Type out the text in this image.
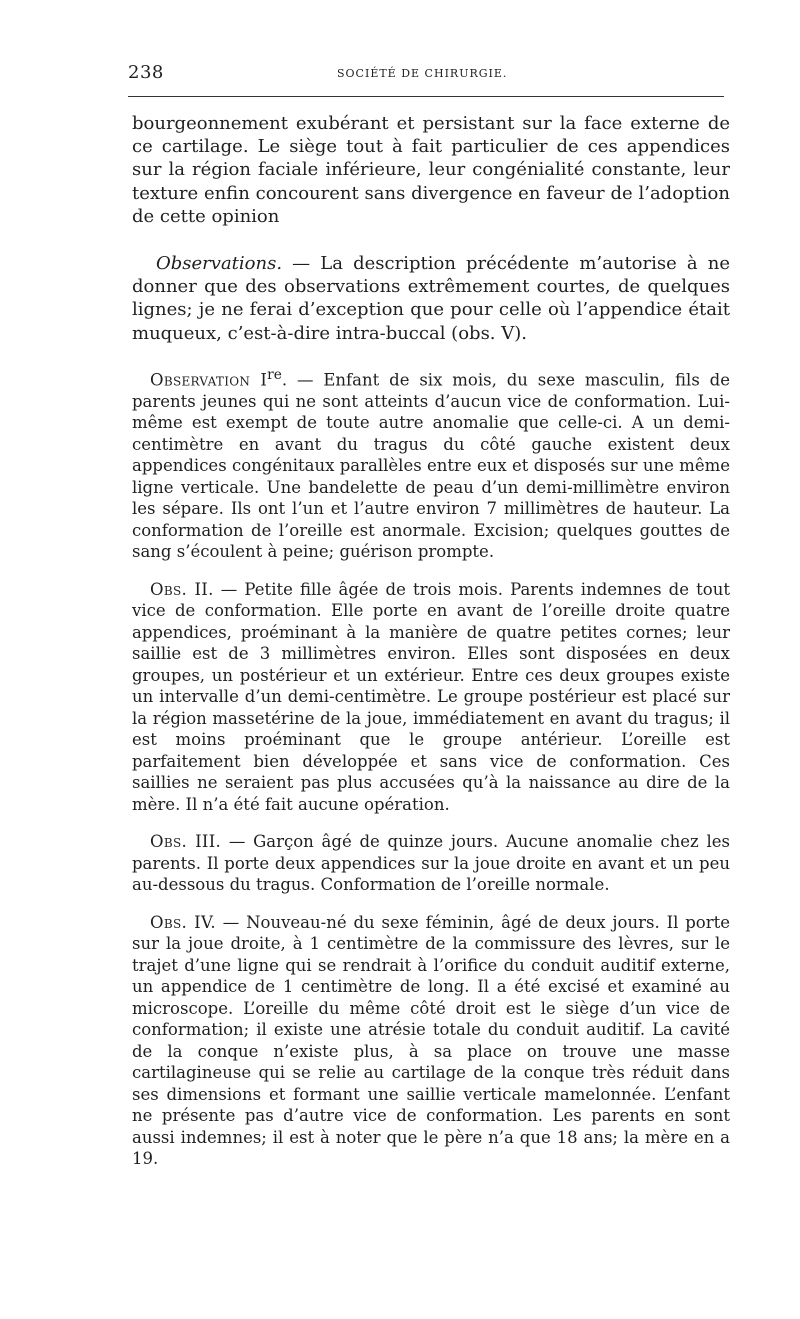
238	SOCIÉTÉ DE CHIRURGIE.

bourgeonnement exubérant et persistant sur la face externe de ce cartilage. Le siège tout à fait particulier de ces appendices sur la région faciale inférieure, leur congénialité constante, leur texture enfin concourent sans divergence en faveur de l’adoption de cette opinion

Observations. — La description précédente m’autorise à ne donner que des observations extrêmement courtes, de quelques lignes; je ne ferai d’exception que pour celle où l’appendice était muqueux, c’est-à-dire intra-buccal (obs. V).

Observation Ire. — Enfant de six mois, du sexe masculin, fils de parents jeunes qui ne sont atteints d’aucun vice de conformation. Lui-même est exempt de toute autre anomalie que celle-ci. A un demi-centimètre en avant du tragus du côté gauche existent deux appendices congénitaux parallèles entre eux et disposés sur une même ligne verticale. Une bandelette de peau d’un demi-millimètre environ les sépare. Ils ont l’un et l’autre environ 7 millimètres de hauteur. La conformation de l’oreille est anormale. Excision; quelques gouttes de sang s’écoulent à peine; guérison prompte.

Obs. II. — Petite fille âgée de trois mois. Parents indemnes de tout vice de conformation. Elle porte en avant de l’oreille droite quatre appendices, proéminant à la manière de quatre petites cornes; leur saillie est de 3 millimètres environ. Elles sont disposées en deux groupes, un postérieur et un extérieur. Entre ces deux groupes existe un intervalle d’un demi-centimètre. Le groupe postérieur est placé sur la région massetérine de la joue, immédiatement en avant du tragus; il est moins proéminant que le groupe antérieur. L’oreille est parfaitement bien développée et sans vice de conformation. Ces saillies ne seraient pas plus accusées qu’à la naissance au dire de la mère. Il n’a été fait aucune opération.

Obs. III. — Garçon âgé de quinze jours. Aucune anomalie chez les parents. Il porte deux appendices sur la joue droite en avant et un peu au-dessous du tragus. Conformation de l’oreille normale.

Obs. IV. — Nouveau-né du sexe féminin, âgé de deux jours. Il porte sur la joue droite, à 1 centimètre de la commissure des lèvres, sur le trajet d’une ligne qui se rendrait à l’orifice du conduit auditif externe, un appendice de 1 centimètre de long. Il a été excisé et examiné au microscope. L’oreille du même côté droit est le siège d’un vice de conformation; il existe une atrésie totale du conduit auditif. La cavité de la conque n’existe plus, à sa place on trouve une masse cartilagineuse qui se relie au cartilage de la conque très réduit dans ses dimensions et formant une saillie verticale mamelonnée. L’enfant ne présente pas d’autre vice de conformation. Les parents en sont aussi indemnes; il est à noter que le père n’a que 18 ans; la mère en a 19.
